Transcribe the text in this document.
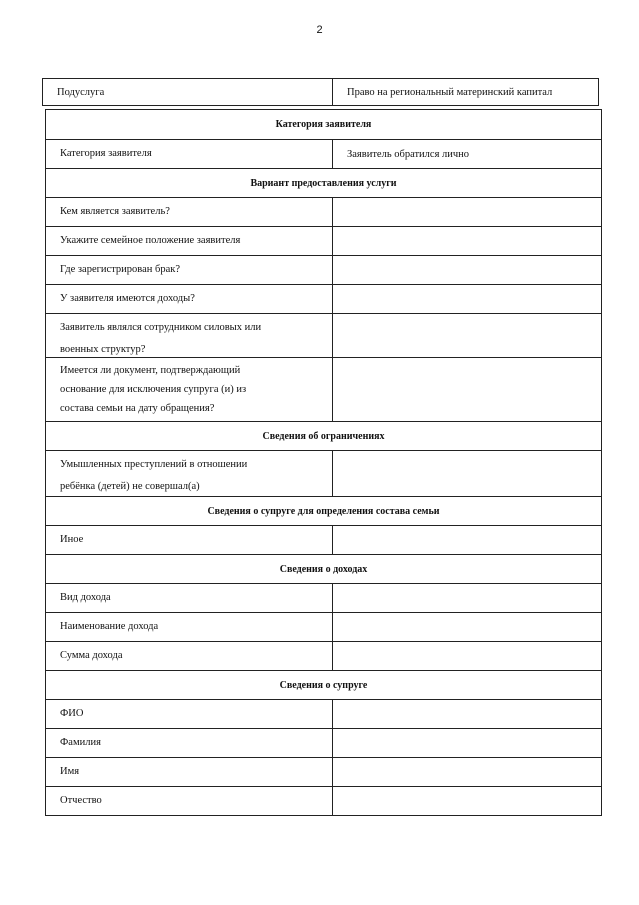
2
Подуслуга	Право на региональный материнский капитал
Категория заявителя
Категория заявителя	Заявитель обратился лично
Вариант предоставления услуги
Кем является заявитель?
Укажите семейное положение заявителя
Где зарегистрирован брак?
У заявителя имеются доходы?
Заявитель являлся сотрудником силовых или
военных структур?
Имеется ли документ, подтверждающий
основание для исключения супруга (и) из
состава семьи на дату обращения?
Сведения об ограничениях
Умышленных преступлений в отношении
ребёнка (детей) не совершал(а)
Сведения о супруге для определения состава семьи
Иное
Сведения о доходах
Вид дохода
Наименование дохода
Сумма дохода
Сведения о супруге
ФИО
Фамилия
Имя
Отчество
